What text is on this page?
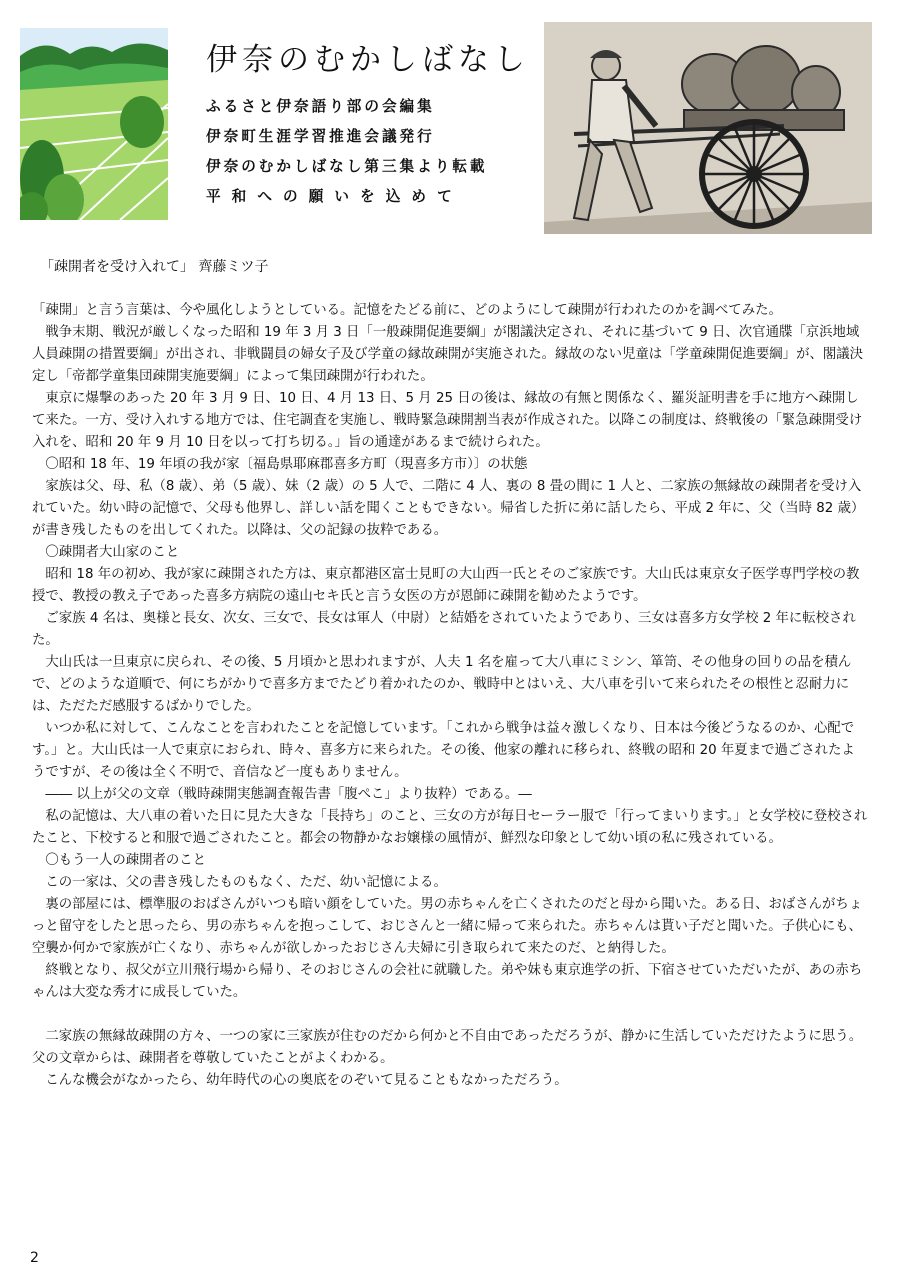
伊奈のむかしばなし
ふるさと伊奈語り部の会編集
伊奈町生涯学習推進会議発行
伊奈のむかしばなし第三集より転載
平 和 へ の 願 い を 込 め て
「疎開者を受け入れて」 齊藤ミツ子

「疎開」と言う言葉は、今や風化しようとしている。記憶をたどる前に、どのようにして疎開が行われたのかを調べてみた。

戦争末期、戦況が厳しくなった昭和 19 年 3 月 3 日「一般疎開促進要綱」が閣議決定され、それに基づいて 9 日、次官通牒「京浜地域人員疎開の措置要綱」が出され、非戦闘員の婦女子及び学童の縁故疎開が実施された。縁故のない児童は「学童疎開促進要綱」が、閣議決定し「帝都学童集団疎開実施要綱」によって集団疎開が行われた。

東京に爆撃のあった 20 年 3 月 9 日、10 日、4 月 13 日、5 月 25 日の後は、縁故の有無と関係なく、羅災証明書を手に地方へ疎開して来た。一方、受け入れする地方では、住宅調査を実施し、戦時緊急疎開割当表が作成された。以降この制度は、終戦後の「緊急疎開受け入れを、昭和 20 年 9 月 10 日を以って打ち切る。」旨の通達があるまで続けられた。

〇昭和 18 年、19 年頃の我が家〔福島県耶麻郡喜多方町（現喜多方市）〕の状態

家族は父、母、私（8 歳）、弟（5 歳）、妹（2 歳）の 5 人で、二階に 4 人、裏の 8 畳の間に 1 人と、二家族の無縁故の疎開者を受け入れていた。幼い時の記憶で、父母も他界し、詳しい話を聞くこともできない。帰省した折に弟に話したら、平成 2 年に、父（当時 82 歳）が書き残したものを出してくれた。以降は、父の記録の抜粋である。

〇疎開者大山家のこと

昭和 18 年の初め、我が家に疎開された方は、東京都港区富士見町の大山西一氏とそのご家族です。大山氏は東京女子医学専門学校の教授で、教授の教え子であった喜多方病院の遠山セキ氏と言う女医の方が恩師に疎開を勧めたようです。

ご家族 4 名は、奥様と長女、次女、三女で、長女は軍人（中尉）と結婚をされていたようであり、三女は喜多方女学校 2 年に転校された。

大山氏は一旦東京に戻られ、その後、5 月頃かと思われますが、人夫 1 名を雇って大八車にミシン、箪笥、その他身の回りの品を積んで、どのような道順で、何にちがかりで喜多方までたどり着かれたのか、戦時中とはいえ、大八車を引いて来られたその根性と忍耐力には、ただただ感服するばかりでした。

いつか私に対して、こんなことを言われたことを記憶しています。「これから戦争は益々激しくなり、日本は今後どうなるのか、心配です。」と。大山氏は一人で東京におられ、時々、喜多方に来られた。その後、他家の離れに移られ、終戦の昭和 20 年夏まで過ごされたようですが、その後は全く不明で、音信など一度もありません。

―― 以上が父の文章（戦時疎開実態調査報告書「腹ぺこ」より抜粋）である。―

私の記憶は、大八車の着いた日に見た大きな「長持ち」のこと、三女の方が毎日セーラー服で「行ってまいります。」と女学校に登校されたこと、下校すると和服で過ごされたこと。都会の物静かなお嬢様の風情が、鮮烈な印象として幼い頃の私に残されている。

〇もう一人の疎開者のこと

この一家は、父の書き残したものもなく、ただ、幼い記憶による。

裏の部屋には、標準服のおばさんがいつも暗い顔をしていた。男の赤ちゃんを亡くされたのだと母から聞いた。ある日、おばさんがちょっと留守をしたと思ったら、男の赤ちゃんを抱っこして、おじさんと一緒に帰って来られた。赤ちゃんは貰い子だと聞いた。子供心にも、空襲か何かで家族が亡くなり、赤ちゃんが欲しかったおじさん夫婦に引き取られて来たのだ、と納得した。

終戦となり、叔父が立川飛行場から帰り、そのおじさんの会社に就職した。弟や妹も東京進学の折、下宿させていただいたが、あの赤ちゃんは大変な秀才に成長していた。

二家族の無縁故疎開の方々、一つの家に三家族が住むのだから何かと不自由であっただろうが、静かに生活していただけたように思う。父の文章からは、疎開者を尊敬していたことがよくわかる。

こんな機会がなかったら、幼年時代の心の奥底をのぞいて見ることもなかっただろう。

2
